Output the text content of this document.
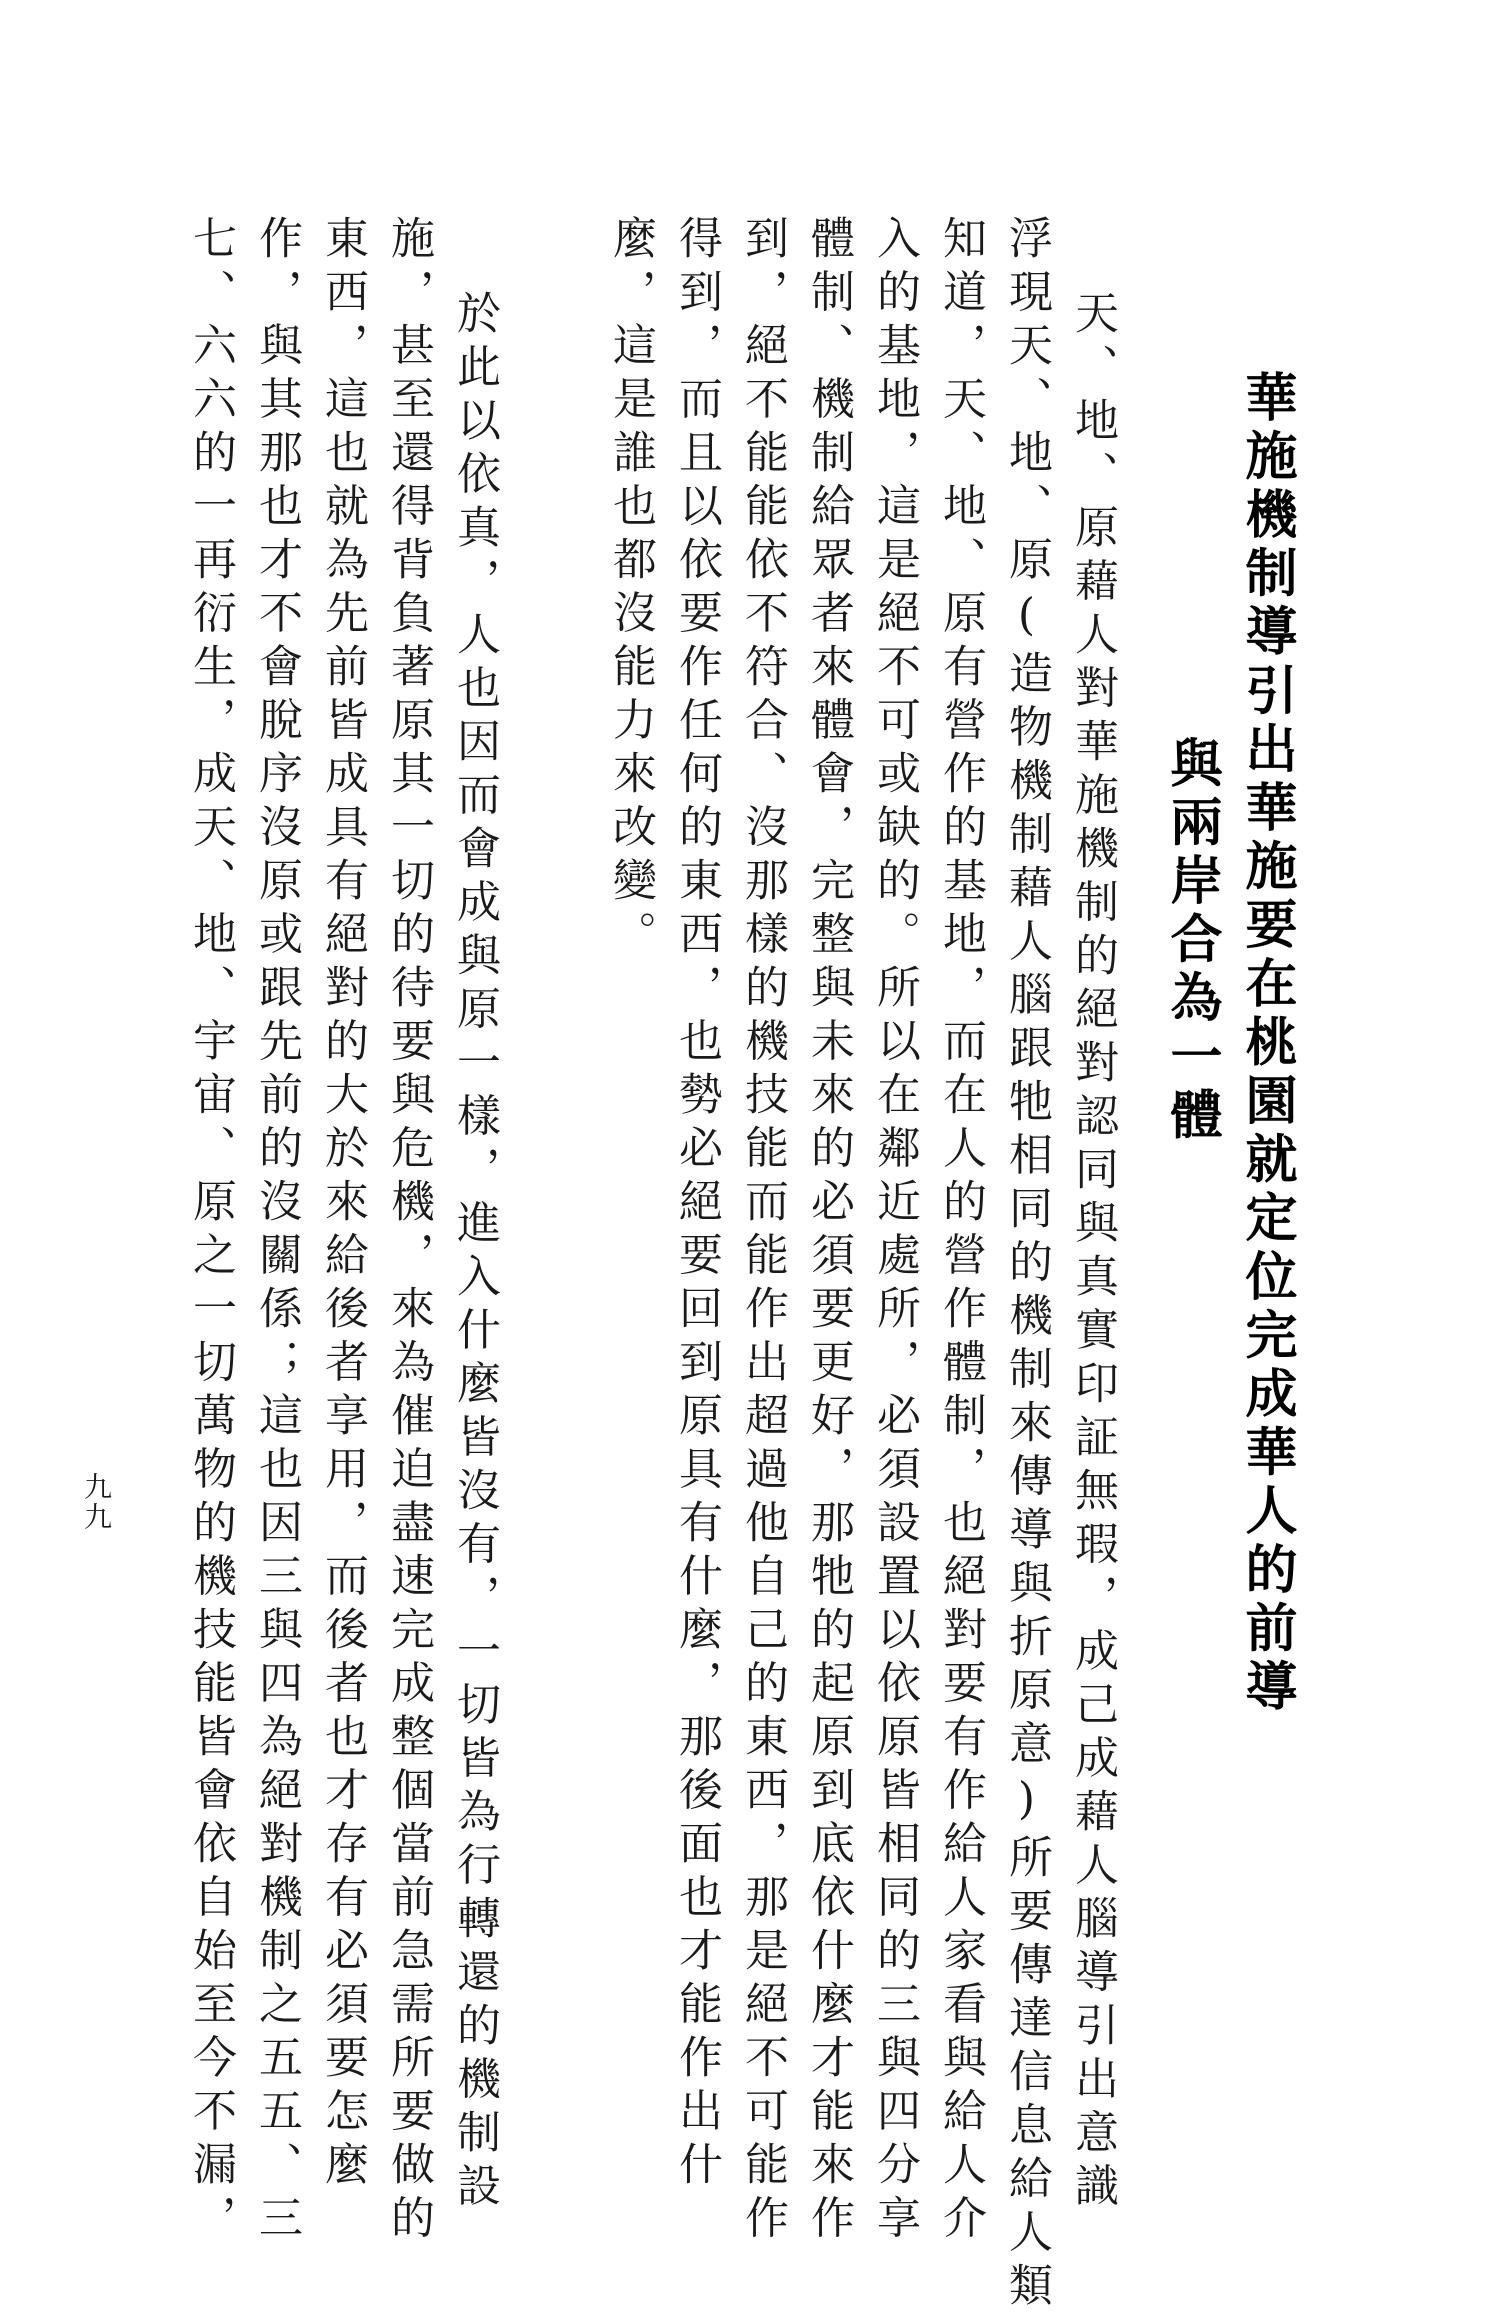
華施機制導引出華施要在桃園就定位完成華人的前導
與兩岸合為一體
天、地、原藉人對華施機制的絕對認同與真實印証無瑕，成己成藉人腦導引出意識
浮現天、地、原(造物機制藉人腦跟牠相同的機制來傳導與折原意)所要傳達信息給人類
知道，天、地、原有營作的基地，而在人的營作體制，也絕對要有作給人家看與給人介
入的基地，這是絕不可或缺的。所以在鄰近處所，必須設置以依原皆相同的三與四分享
體制、機制給眾者來體會，完整與未來的必須要更好，那牠的起原到底依什麼才能來作
到，絕不能能依不符合、沒那樣的機技能而能作出超過他自己的東西，那是絕不可能作
得到，而且以依要作任何的東西，也勢必絕要回到原具有什麼，那後面也才能作出什
麼，這是誰也都沒能力來改變。
於此以依真，人也因而會成與原一樣，進入什麼皆沒有，一切皆為行轉還的機制設
施，甚至還得背負著原其一切的待要與危機，來為催迫盡速完成整個當前急需所要做的
東西，這也就為先前皆成具有絕對的大於來給後者享用，而後者也才存有必須要怎麼
作，與其那也才不會脫序沒原或跟先前的沒關係；這也因三與四為絕對機制之五五、三
七、六六的一再衍生，成天、地、宇宙、原之一切萬物的機技能皆會依自始至今不漏，
九九
